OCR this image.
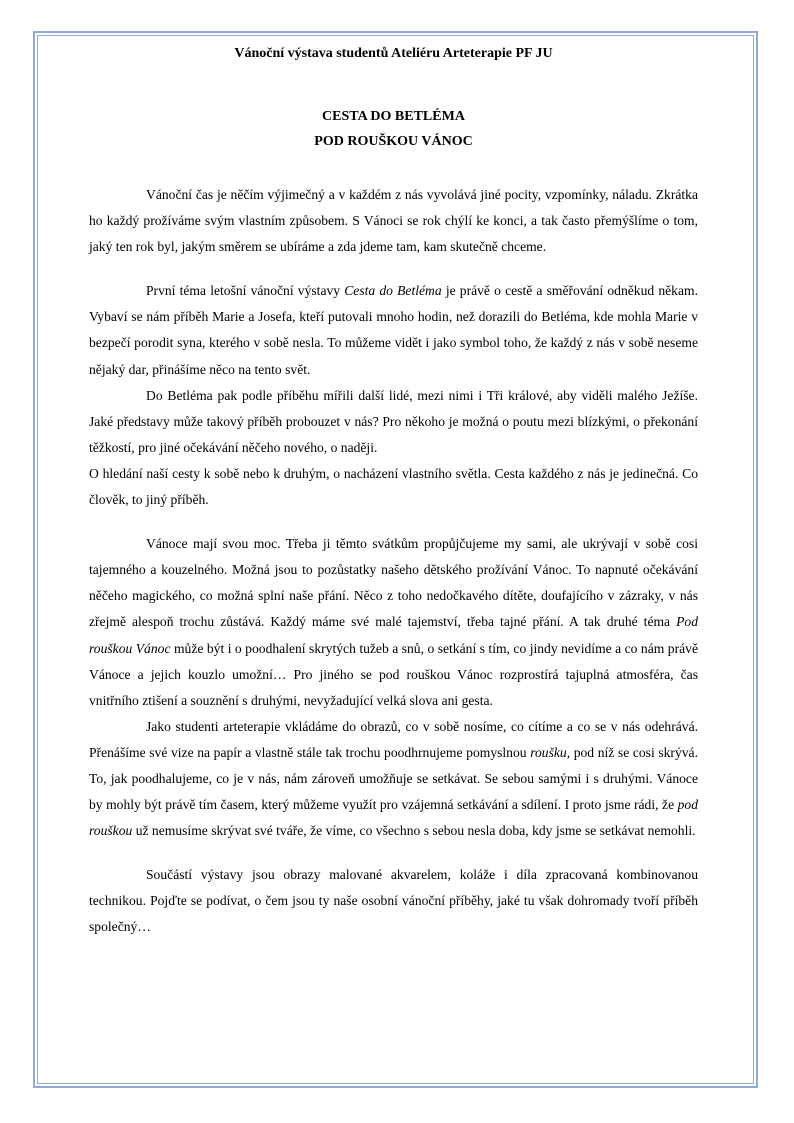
Vánoční výstava studentů Ateliéru Arteterapie PF JU

CESTA DO BETLÉMA

POD ROUŠKOU VÁNOC

Vánoční čas je něčím výjimečný a v každém z nás vyvolává jiné pocity, vzpomínky, náladu. Zkrátka ho každý prožíváme svým vlastním způsobem. S Vánoci se rok chýlí ke konci, a tak často přemýšlíme o tom, jaký ten rok byl, jakým směrem se ubíráme a zda jdeme tam, kam skutečně chceme.

První téma letošní vánoční výstavy Cesta do Betléma je právě o cestě a směřování odněkud někam. Vybaví se nám příběh Marie a Josefa, kteří putovali mnoho hodin, než dorazili do Betléma, kde mohla Marie v bezpečí porodit syna, kterého v sobě nesla. To můžeme vidět i jako symbol toho, že každý z nás v sobě neseme nějaký dar, přinášíme něco na tento svět.

Do Betléma pak podle příběhu mířili další lidé, mezi nimi i Tři králové, aby viděli malého Ježíše. Jaké představy může takový příběh probouzet v nás? Pro někoho je možná o poutu mezi blízkými, o překonání těžkostí, pro jiné očekávání něčeho nového, o naději.

O hledání naší cesty k sobě nebo k druhým, o nacházení vlastního světla. Cesta každého z nás je jedinečná. Co člověk, to jiný příběh.

Vánoce mají svou moc. Třeba ji těmto svátkům propůjčujeme my sami, ale ukrývají v sobě cosi tajemného a kouzelného. Možná jsou to pozůstatky našeho dětského prožívání Vánoc. To napnuté očekávání něčeho magického, co možná splní naše přání. Něco z toho nedočkavého dítěte, doufajícího v zázraky, v nás zřejmě alespoň trochu zůstává. Každý máme své malé tajemství, třeba tajné přání. A tak druhé téma Pod rouškou Vánoc může být i o poodhalení skrytých tužeb a snů, o setkání s tím, co jindy nevidíme a co nám právě Vánoce a jejich kouzlo umožní… Pro jiného se pod rouškou Vánoc rozprostírá tajuplná atmosféra, čas vnitřního ztišení a souznění s druhými, nevyžadující velká slova ani gesta.

Jako studenti arteterapie vkládáme do obrazů, co v sobě nosíme, co cítíme a co se v nás odehrává. Přenášíme své vize na papír a vlastně stále tak trochu poodhrnujeme pomyslnou roušku, pod níž se cosi skrývá. To, jak poodhalujeme, co je v nás, nám zároveň umožňuje se setkávat. Se sebou samými i s druhými. Vánoce by mohly být právě tím časem, který můžeme využít pro vzájemná setkávání a sdílení. I proto jsme rádi, že pod rouškou už nemusíme skrývat své tváře, že víme, co všechno s sebou nesla doba, kdy jsme se setkávat nemohli.

Součástí výstavy jsou obrazy malované akvarelem, koláže i díla zpracovaná kombinovanou technikou. Pojďte se podívat, o čem jsou ty naše osobní vánoční příběhy, jaké tu však dohromady tvoří příběh společný…
